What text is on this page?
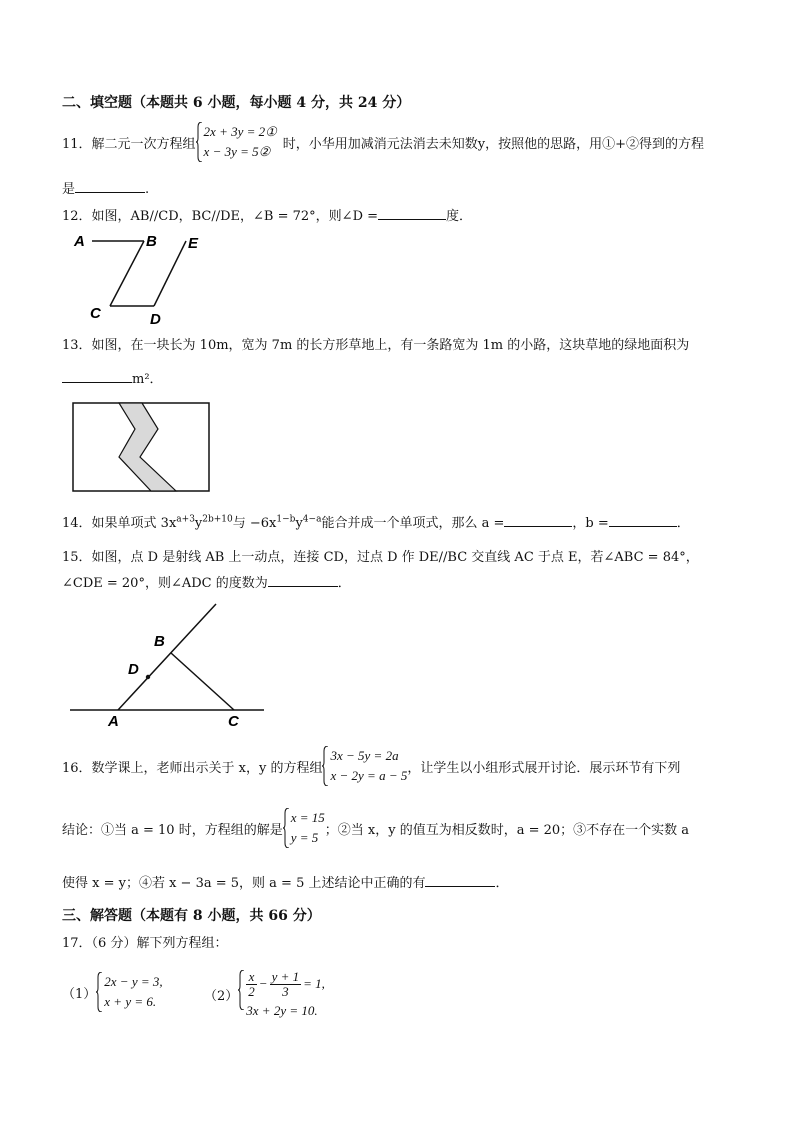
二、填空题（本题共 6 小题，每小题 4 分，共 24 分）
11．解二元一次方程组
2x + 3y = 2①
x − 3y = 5② 时，小华用加减消元法消去未知数y，按照他的思路，用①+②得到的方程
是	.
12．如图，AB//CD，BC//DE，∠B = 72°，则∠D =	度．
A	B
C	D
E
13．如图，在一块长为 10m，宽为 7m 的长方形草地上，有一条路宽为 1m 的小路，这块草地的绿地面积为
m²．
14．如果单项式 $3x^{a+3}y^{2b+10}$与 $-6x^{1-b}y^{4-a}$能合并成一个单项式，那么 a =	，b =	．
15．如图，点 D 是射线 AB 上一动点，连接 CD，过点 D 作 DE//BC 交直线 AC 于点 E，若∠ABC = 84°，
∠CDE = 20°，则∠ADC 的度数为	．
B
D
A	C
16．数学课上，老师出示关于 x，y 的方程组
3x − 5y = 2a
x − 2y = a − 5 ，让学生以小组形式展开讨论．展示环节有下列
结论：①当 a = 10 时，方程组的解是
x = 15
y = 5 ；②当 x，y 的值互为相反数时，a = 20；③不存在一个实数 a
使得 x = y；④若 x − 3a = 5，则 a = 5 上述结论中正确的有	．
三、解答题（本题有 8 小题，共 66 分）
17．（6 分）解下列方程组：
（1）
2x − y = 3,
x + y = 6.	$(2) \frac{x}{2} - \frac{y + 1}{3} = 1$,
3x + 2y = 10.
